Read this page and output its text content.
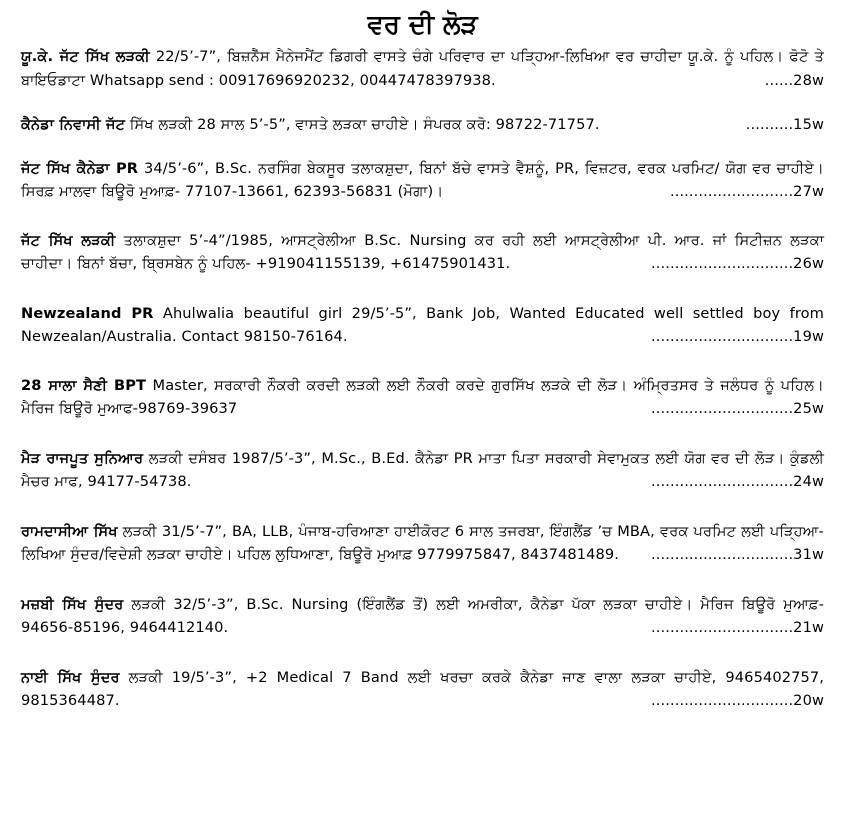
ਵਰ ਦੀ ਲੋੜ
ਯੂ.ਕੇ. ਜੱਟ ਸਿੱਖ ਲੜਕੀ 22/5’-7”, ਬਿਜ਼ਨੈੱਸ ਮੈਨੇਜਮੈਂਟ ਡਿਗਰੀ ਵਾਸਤੇ ਚੰਗੇ ਪਰਿਵਾਰ ਦਾ ਪੜ੍ਹਿਆ-ਲਿਖਿਆ ਵਰ ਚਾਹੀਦਾ ਯੂ.ਕੇ. ਨੂੰ ਪਹਿਲ। ਫੋਟੋ ਤੇ ਬਾਇਓਡਾਟਾ Whatsapp send : 00917696920232, 00447478397938.	......28w
ਕੈਨੇਡਾ ਨਿਵਾਸੀ ਜੱਟ ਸਿੱਖ ਲੜਕੀ 28 ਸਾਲ 5’-5”, ਵਾਸਤੇ ਲੜਕਾ ਚਾਹੀਏ। ਸੰਪਰਕ ਕਰੋ: 98722-71757.	..........15w
ਜੱਟ ਸਿੱਖ ਕੈਨੇਡਾ PR 34/5’-6”, B.Sc. ਨਰਸਿੰਗ ਬੇਕਸੂਰ ਤਲਾਕਸ਼ੁਦਾ, ਬਿਨਾਂ ਬੱਚੇ ਵਾਸਤੇ ਵੈਸ਼ਨੂੰ, PR, ਵਿਜ਼ਟਰ, ਵਰਕ ਪਰਮਿਟ/ ਯੋਗ ਵਰ ਚਾਹੀਏ। ਸਿਰਫ਼ ਮਾਲਵਾ ਬਿਊਰੋ ਮੁਆਫ਼- 77107-13661, 62393-56831 (ਮੋਗਾ)।	..........................27w
ਜੱਟ ਸਿੱਖ ਲੜਕੀ ਤਲਾਕਸ਼ੁਦਾ 5’-4”/1985, ਆਸਟ੍ਰੇਲੀਆ B.Sc. Nursing ਕਰ ਰਹੀ ਲਈ ਆਸਟ੍ਰੇਲੀਆ ਪੀ. ਆਰ. ਜਾਂ ਸਿਟੀਜ਼ਨ ਲੜਕਾ ਚਾਹੀਦਾ। ਬਿਨਾਂ ਬੱਚਾ, ਬ੍ਰਿਸਬੇਨ ਨੂੰ ਪਹਿਲ- +919041155139, +61475901431.	..............................26w
Newzealand PR Ahulwalia beautiful girl 29/5’-5”, Bank Job, Wanted Educated well settled boy from Newzealan/Australia. Contact 98150-76164.	..............................19w
28 ਸਾਲਾ ਸੈਣੀ BPT Master, ਸਰਕਾਰੀ ਨੌਕਰੀ ਕਰਦੀ ਲੜਕੀ ਲਈ ਨੌਕਰੀ ਕਰਦੇ ਗੁਰਸਿੱਖ ਲੜਕੇ ਦੀ ਲੋੜ। ਅੰਮ੍ਰਿਤਸਰ ਤੇ ਜਲੰਧਰ ਨੂੰ ਪਹਿਲ। ਮੈਰਿਜ ਬਿਊਰੋ ਮੁਆਫ-98769-39637	..............................25w
ਮੈੜ ਰਾਜਪੂਤ ਸੁਨਿਆਰ ਲੜਕੀ ਦਸੰਬਰ 1987/5’-3”, M.Sc., B.Ed. ਕੈਨੇਡਾ PR ਮਾਤਾ ਪਿਤਾ ਸਰਕਾਰੀ ਸੇਵਾਮੁਕਤ ਲਈ ਯੋਗ ਵਰ ਦੀ ਲੋੜ। ਕੁੰਡਲੀ ਮੈਚਰ ਮਾਫ, 94177-54738.	..............................24w
ਰਾਮਦਾਸੀਆ ਸਿੱਖ ਲੜਕੀ 31/5’-7”, BA, LLB, ਪੰਜਾਬ-ਹਰਿਆਣਾ ਹਾਈਕੋਰਟ 6 ਸਾਲ ਤਜਰਬਾ, ਇੰਗਲੈਂਡ ’ਚ MBA, ਵਰਕ ਪਰਮਿਟ ਲਈ ਪੜ੍ਹਿਆ-ਲਿਖਿਆ ਸੁੰਦਰ/ਵਿਦੇਸ਼ੀ ਲੜਕਾ ਚਾਹੀਏ। ਪਹਿਲ ਲੁਧਿਆਣਾ, ਬਿਊਰੋ ਮੁਆਫ਼ 9779975847, 8437481489. ..............................31w
ਮਜ਼ਬੀ ਸਿੱਖ ਸੁੰਦਰ ਲੜਕੀ 32/5’-3”, B.Sc. Nursing (ਇੰਗਲੈਂਡ ਤੋਂ) ਲਈ ਅਮਰੀਕਾ, ਕੈਨੇਡਾ ਪੱਕਾ ਲੜਕਾ ਚਾਹੀਏ। ਮੈਰਿਜ ਬਿਊਰੋ ਮੁਆਫ਼- 94656-85196, 9464412140.	..............................21w
ਨਾਈ ਸਿੱਖ ਸੁੰਦਰ ਲੜਕੀ 19/5’-3”, +2 Medical 7 Band ਲਈ ਖਰਚਾ ਕਰਕੇ ਕੈਨੇਡਾ ਜਾਣ ਵਾਲਾ ਲੜਕਾ ਚਾਹੀਏ, 9465402757, 9815364487.	..............................20w
